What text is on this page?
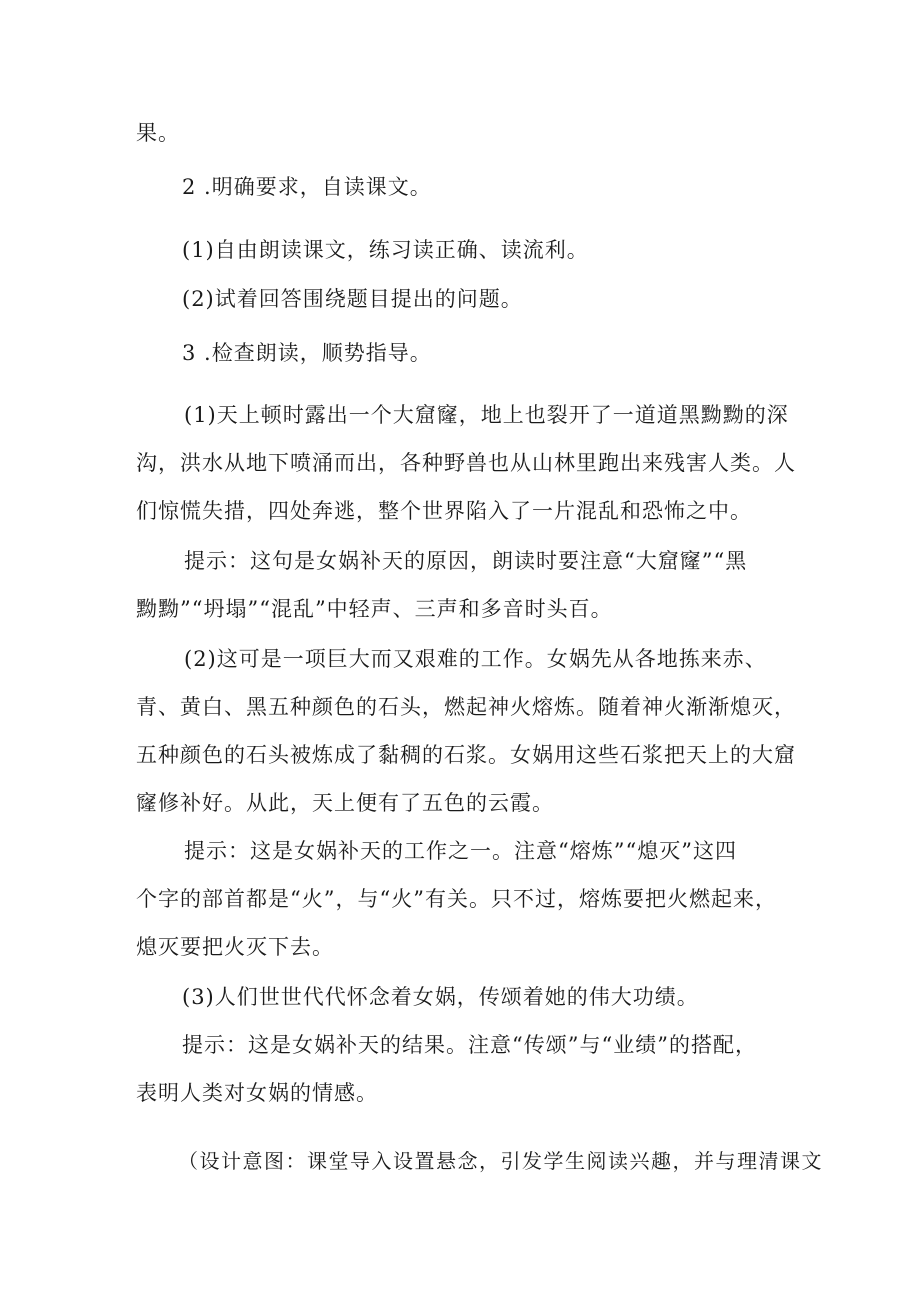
果。
2 .明确要求，自读课文。
(1)自由朗读课文，练习读正确、读流利。
(2)试着回答围绕题目提出的问题。
3 .检查朗读，顺势指导。
(1)天上顿时露出一个大窟窿，地上也裂开了一道道黑黝黝的深
沟，洪水从地下喷涌而出，各种野兽也从山林里跑出来残害人类。人
们惊慌失措，四处奔逃，整个世界陷入了一片混乱和恐怖之中。
提示：这句是女娲补天的原因，朗读时要注意“大窟窿”“黑
黝黝”“坍塌”“混乱”中轻声、三声和多音时头百。
(2)这可是一项巨大而又艰难的工作。女娲先从各地拣来赤、
青、黄白、黑五种颜色的石头，燃起神火熔炼。随着神火渐渐熄灭，
五种颜色的石头被炼成了黏稠的石浆。女娲用这些石浆把天上的大窟
窿修补好。从此，天上便有了五色的云霞。
提示：这是女娲补天的工作之一。注意“熔炼”“熄灭”这四
个字的部首都是“火”，与“火”有关。只不过，熔炼要把火燃起来，
熄灭要把火灭下去。
(3)人们世世代代怀念着女娲，传颂着她的伟大功绩。
提示：这是女娲补天的结果。注意“传颂”与“业绩”的搭配，
表明人类对女娲的情感。
（设计意图：课堂导入设置悬念，引发学生阅读兴趣，并与理清课文
